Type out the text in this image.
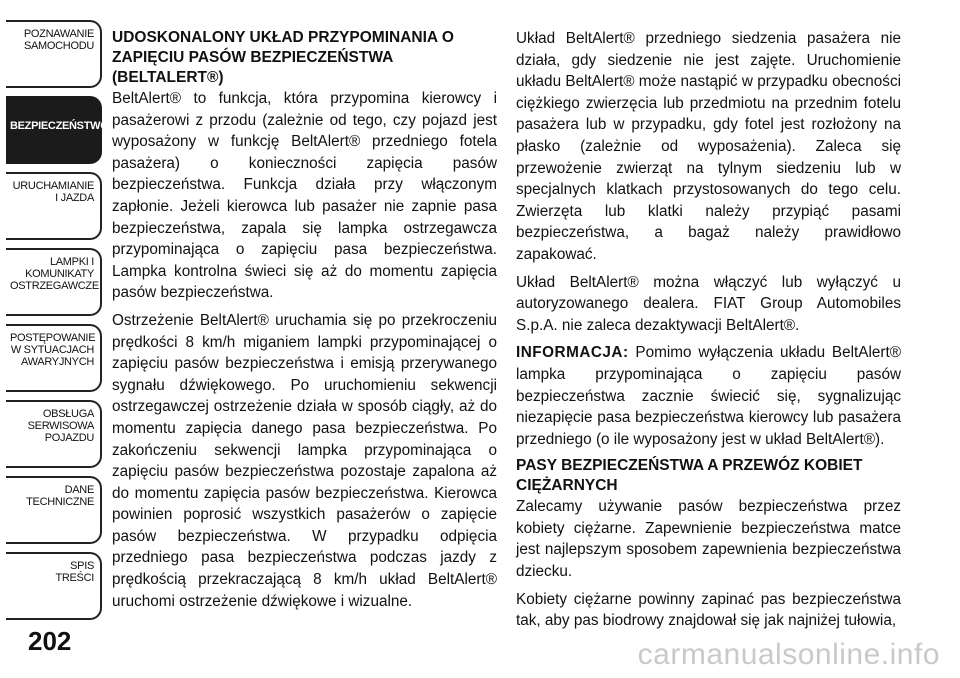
POZNAWANIE
SAMOCHODU
BEZPIECZEŃSTWO
URUCHAMIANIE
I JAZDA
LAMPKI I
KOMUNIKATY
OSTRZEGAWCZE
POSTĘPOWANIE
W SYTUACJACH
AWARYJNYCH
OBSŁUGA
SERWISOWA
POJAZDU
DANE
TECHNICZNE
SPIS
TREŚCI
202
UDOSKONALONY UKŁAD PRZYPOMINANIA O ZAPIĘCIU PASÓW BEZPIECZEŃSTWA (BELTALERT®)

BeltAlert® to funkcja, która przypomina kierowcy i pasażerowi z przodu (zależnie od tego, czy pojazd jest wyposażony w funkcję BeltAlert® przedniego fotela pasażera) o konieczności zapięcia pasów bezpieczeństwa. Funkcja działa przy włączonym zapłonie. Jeżeli kierowca lub pasażer nie zapnie pasa bezpieczeństwa, zapala się lampka ostrzegawcza przypominająca o zapięciu pasa bezpieczeństwa. Lampka kontrolna świeci się aż do momentu zapięcia pasów bezpieczeństwa.

Ostrzeżenie BeltAlert® uruchamia się po przekroczeniu prędkości 8 km/h miganiem lampki przypominającej o zapięciu pasów bezpieczeństwa i emisją przerywanego sygnału dźwiękowego. Po uruchomieniu sekwencji ostrzegawczej ostrzeżenie działa w sposób ciągły, aż do momentu zapięcia danego pasa bezpieczeństwa. Po zakończeniu sekwencji lampka przypominająca o zapięciu pasów bezpieczeństwa pozostaje zapalona aż do momentu zapięcia pasów bezpieczeństwa. Kierowca powinien poprosić wszystkich pasażerów o zapięcie pasów bezpieczeństwa. W przypadku odpięcia przedniego pasa bezpieczeństwa podczas jazdy z prędkością przekraczającą 8 km/h układ BeltAlert® uruchomi ostrzeżenie dźwiękowe i wizualne.

Układ BeltAlert® przedniego siedzenia pasażera nie działa, gdy siedzenie nie jest zajęte. Uruchomienie układu BeltAlert® może nastąpić w przypadku obecności ciężkiego zwierzęcia lub przedmiotu na przednim fotelu pasażera lub w przypadku, gdy fotel jest rozłożony na płasko (zależnie od wyposażenia). Zaleca się przewożenie zwierząt na tylnym siedzeniu lub w specjalnych klatkach przystosowanych do tego celu. Zwierzęta lub klatki należy przypiąć pasami bezpieczeństwa, a bagaż należy prawidłowo zapakować.

Układ BeltAlert® można włączyć lub wyłączyć u autoryzowanego dealera. FIAT Group Automobiles S.p.A. nie zaleca dezaktywacji BeltAlert®.

INFORMACJA: Pomimo wyłączenia układu BeltAlert® lampka przypominająca o zapięciu pasów bezpieczeństwa zacznie świecić się, sygnalizując niezapięcie pasa bezpieczeństwa kierowcy lub pasażera przedniego (o ile wyposażony jest w układ BeltAlert®).

PASY BEZPIECZEŃSTWA A PRZEWÓZ KOBIET CIĘŻARNYCH

Zalecamy używanie pasów bezpieczeństwa przez kobiety ciężarne. Zapewnienie bezpieczeństwa matce jest najlepszym sposobem zapewnienia bezpieczeństwa dziecku.

Kobiety ciężarne powinny zapinać pas bezpieczeństwa tak, aby pas biodrowy znajdował się jak najniżej tułowia,

carmanualsonline.info
